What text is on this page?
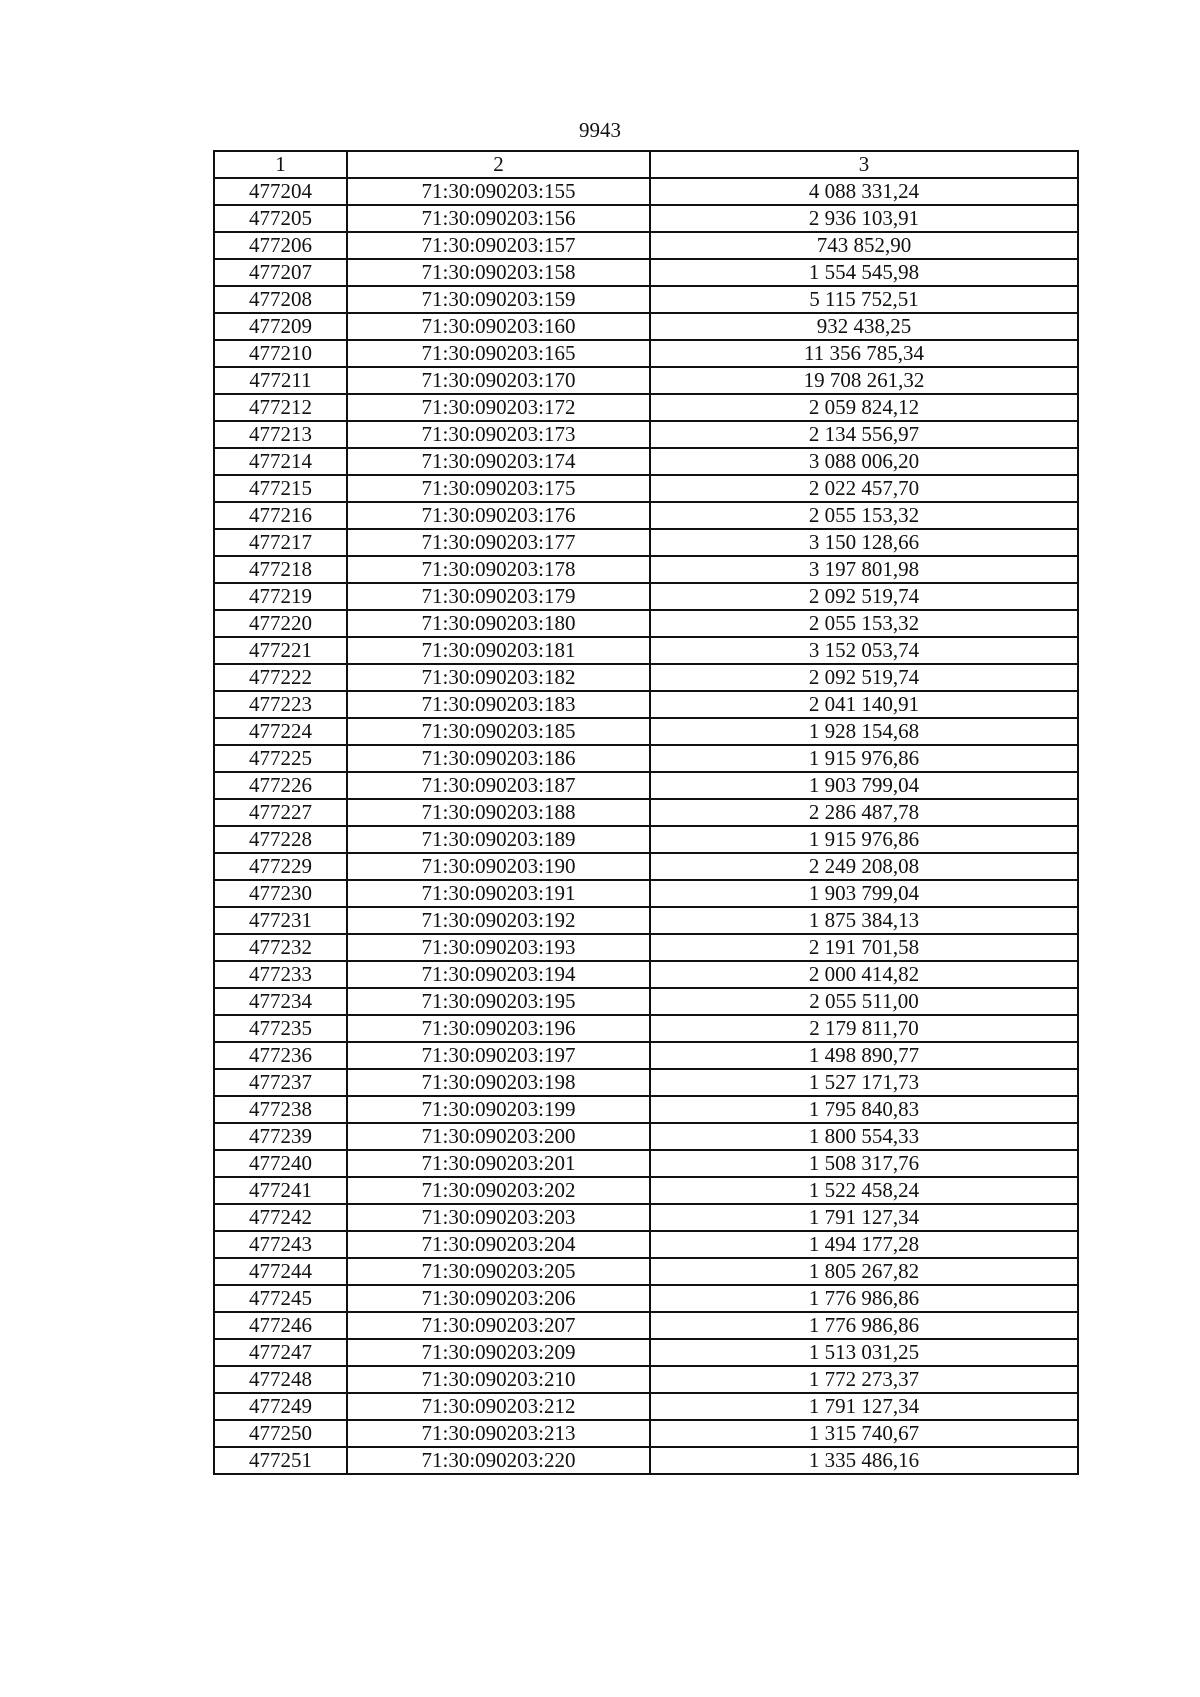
9943
1	2	3
477204	71:30:090203:155	4 088 331,24
477205	71:30:090203:156	2 936 103,91
477206	71:30:090203:157	743 852,90
477207	71:30:090203:158	1 554 545,98
477208	71:30:090203:159	5 115 752,51
477209	71:30:090203:160	932 438,25
477210	71:30:090203:165	11 356 785,34
477211	71:30:090203:170	19 708 261,32
477212	71:30:090203:172	2 059 824,12
477213	71:30:090203:173	2 134 556,97
477214	71:30:090203:174	3 088 006,20
477215	71:30:090203:175	2 022 457,70
477216	71:30:090203:176	2 055 153,32
477217	71:30:090203:177	3 150 128,66
477218	71:30:090203:178	3 197 801,98
477219	71:30:090203:179	2 092 519,74
477220	71:30:090203:180	2 055 153,32
477221	71:30:090203:181	3 152 053,74
477222	71:30:090203:182	2 092 519,74
477223	71:30:090203:183	2 041 140,91
477224	71:30:090203:185	1 928 154,68
477225	71:30:090203:186	1 915 976,86
477226	71:30:090203:187	1 903 799,04
477227	71:30:090203:188	2 286 487,78
477228	71:30:090203:189	1 915 976,86
477229	71:30:090203:190	2 249 208,08
477230	71:30:090203:191	1 903 799,04
477231	71:30:090203:192	1 875 384,13
477232	71:30:090203:193	2 191 701,58
477233	71:30:090203:194	2 000 414,82
477234	71:30:090203:195	2 055 511,00
477235	71:30:090203:196	2 179 811,70
477236	71:30:090203:197	1 498 890,77
477237	71:30:090203:198	1 527 171,73
477238	71:30:090203:199	1 795 840,83
477239	71:30:090203:200	1 800 554,33
477240	71:30:090203:201	1 508 317,76
477241	71:30:090203:202	1 522 458,24
477242	71:30:090203:203	1 791 127,34
477243	71:30:090203:204	1 494 177,28
477244	71:30:090203:205	1 805 267,82
477245	71:30:090203:206	1 776 986,86
477246	71:30:090203:207	1 776 986,86
477247	71:30:090203:209	1 513 031,25
477248	71:30:090203:210	1 772 273,37
477249	71:30:090203:212	1 791 127,34
477250	71:30:090203:213	1 315 740,67
477251	71:30:090203:220	1 335 486,16
